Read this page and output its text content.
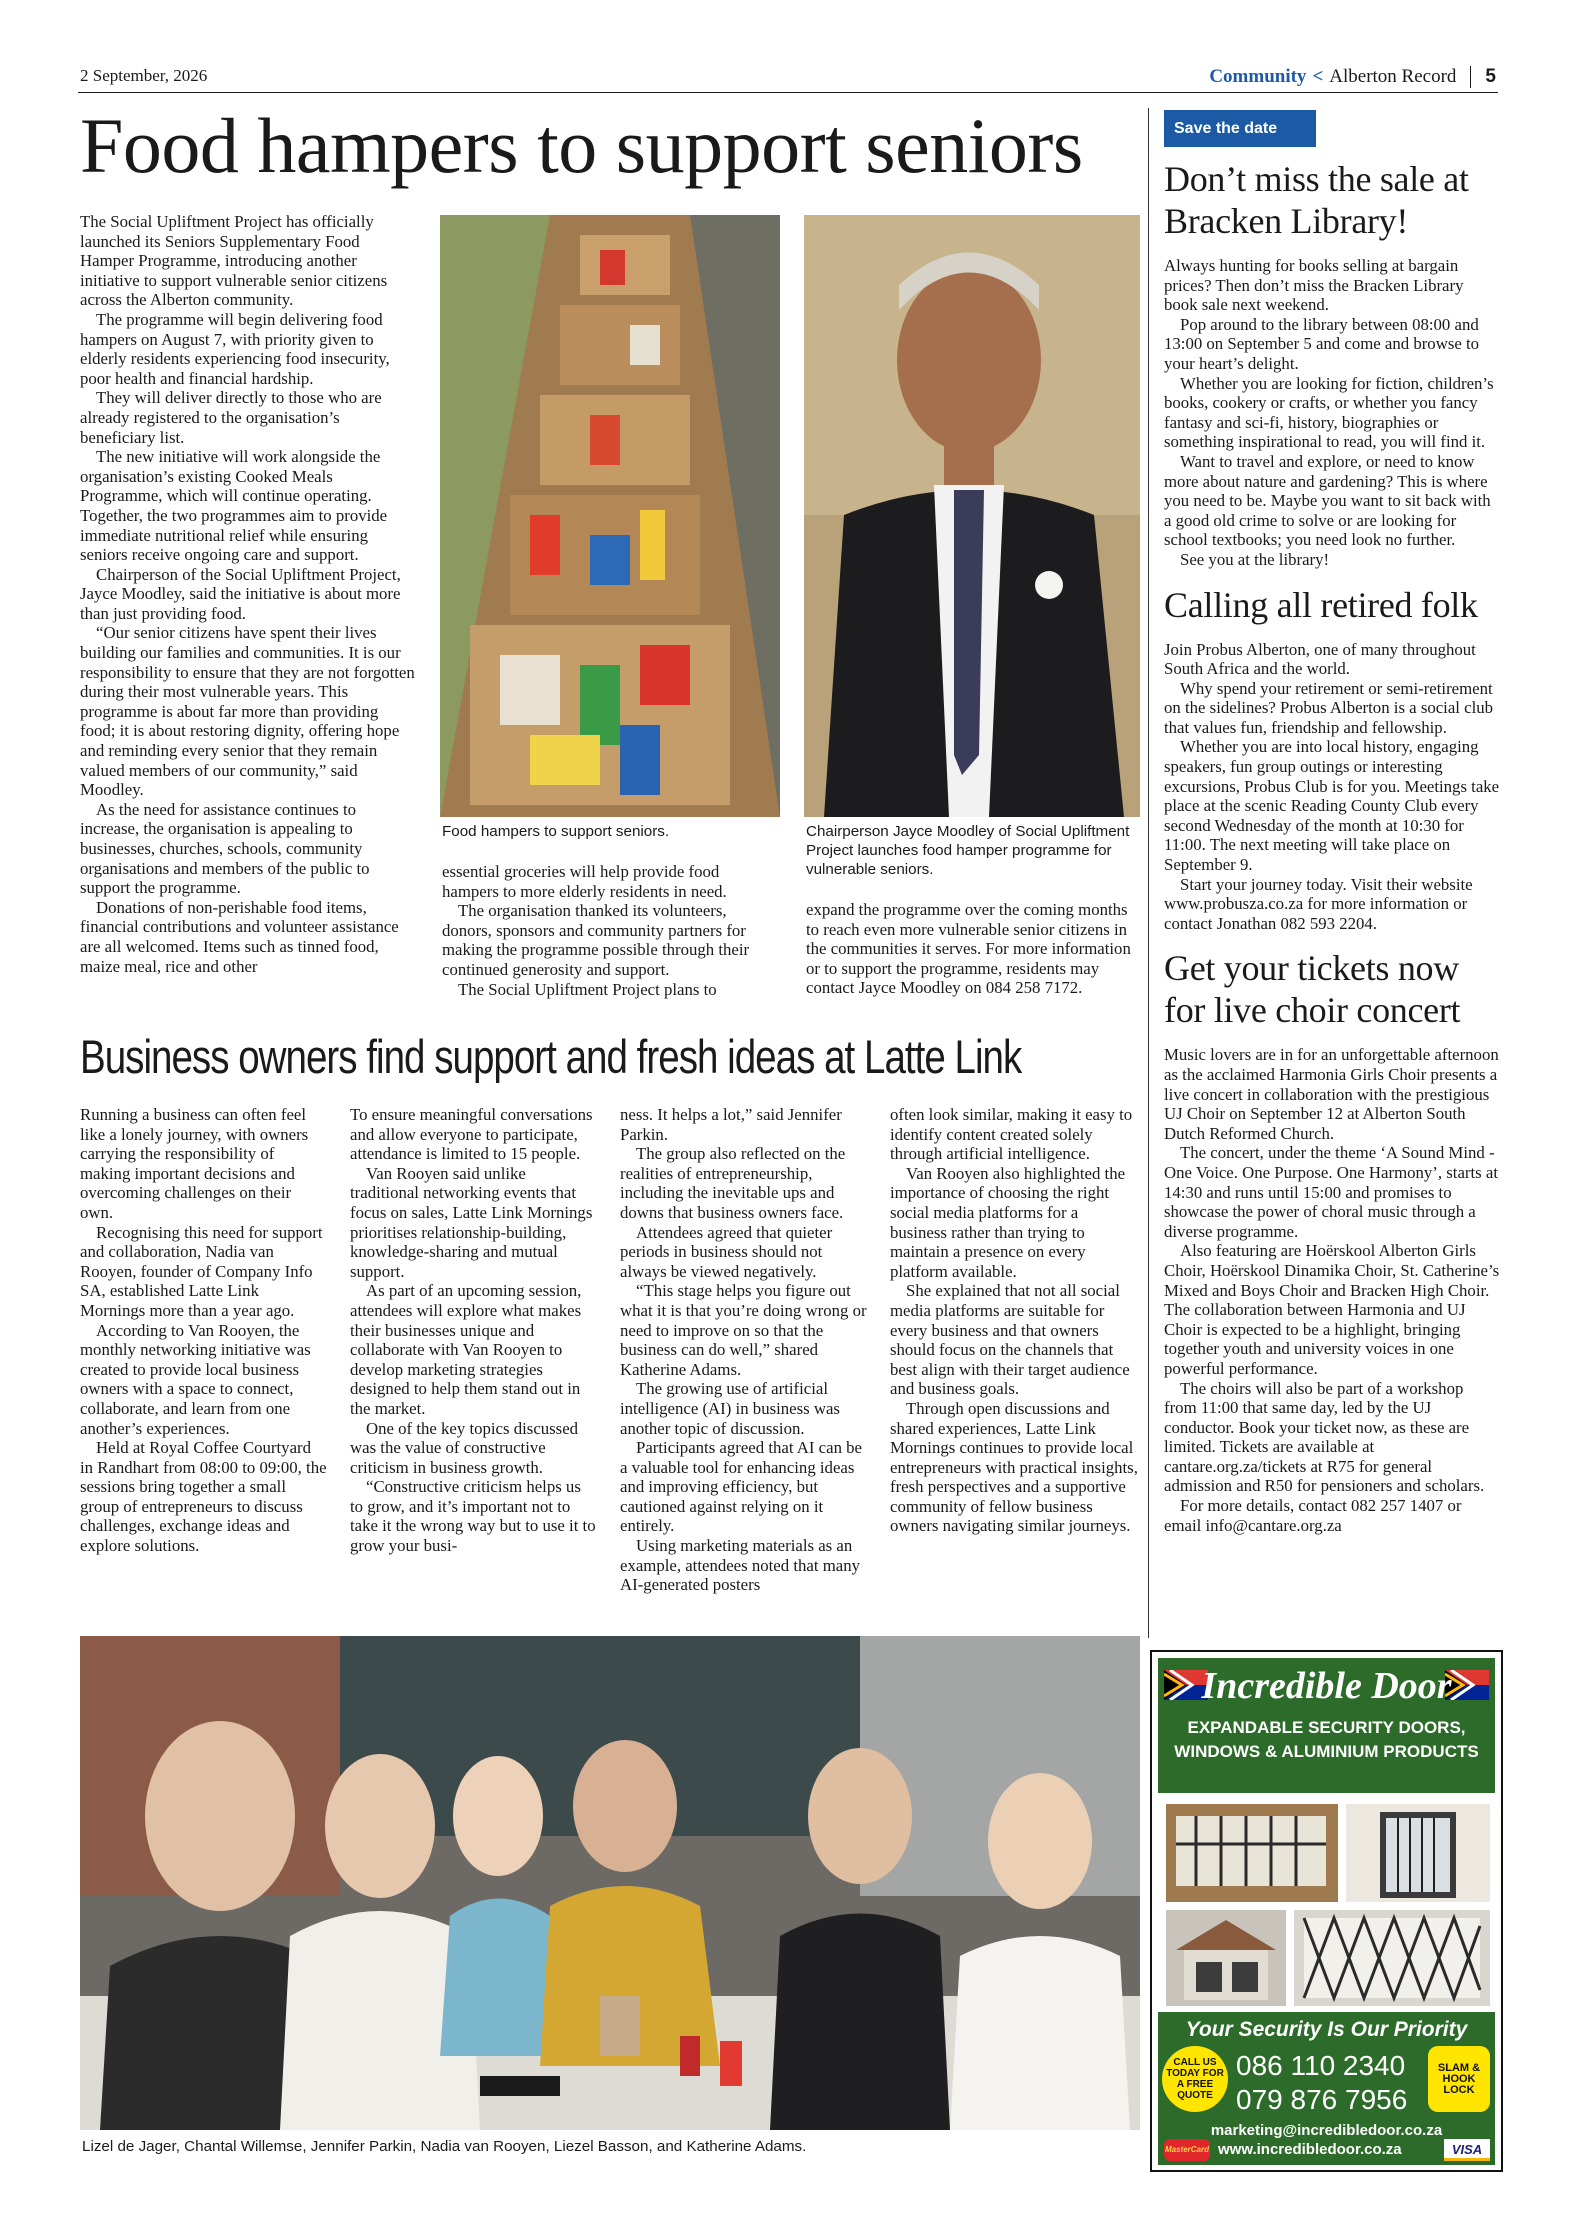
2 September, 2026	Community < Alberton Record 5
Food hampers to support seniors

The Social Upliftment Project has officially launched its Seniors Supplementary Food Hamper Programme, introducing another initiative to support vulnerable senior citizens across the Alberton community.

The programme will begin delivering food hampers on August 7, with priority given to elderly residents experiencing food insecurity, poor health and financial hardship.

They will deliver directly to those who are already registered to the organisation’s beneficiary list.

The new initiative will work alongside the organisation’s existing Cooked Meals Programme, which will continue operating. Together, the two programmes aim to provide immediate nutritional relief while ensuring seniors receive ongoing care and support.

Chairperson of the Social Upliftment Project, Jayce Moodley, said the initiative is about more than just providing food.

“Our senior citizens have spent their lives building our families and communities. It is our responsibility to ensure that they are not forgotten during their most vulnerable years. This programme is about far more than providing food; it is about restoring dignity, offering hope and reminding every senior that they remain valued members of our community,” said Moodley.

As the need for assistance continues to increase, the organisation is appealing to businesses, churches, schools, community organisations and members of the public to support the programme.

Donations of non-perishable food items, financial contributions and volunteer assistance are all welcomed. Items such as tinned food, maize meal, rice and other

Food hampers to support seniors.

essential groceries will help provide food hampers to more elderly residents in need.

The organisation thanked its volunteers, donors, sponsors and community partners for making the programme possible through their continued generosity and support.

The Social Upliftment Project plans to

Chairperson Jayce Moodley of Social Upliftment Project launches food hamper programme for vulnerable seniors.

expand the programme over the coming months to reach even more vulnerable senior citizens in the communities it serves. For more information or to support the programme, residents may contact Jayce Moodley on 084 258 7172.

Business owners find support and fresh ideas at Latte Link

Running a business can often feel like a lonely journey, with owners carrying the responsibility of making important decisions and overcoming challenges on their own.

Recognising this need for support and collaboration, Nadia van Rooyen, founder of Company Info SA, established Latte Link Mornings more than a year ago.

According to Van Rooyen, the monthly networking initiative was created to provide local business owners with a space to connect, collaborate, and learn from one another’s experiences.

Held at Royal Coffee Courtyard in Randhart from 08:00 to 09:00, the sessions bring together a small group of entrepreneurs to discuss challenges, exchange ideas and explore solutions.

To ensure meaningful conversations and allow everyone to participate, attendance is limited to 15 people.

Van Rooyen said unlike traditional networking events that focus on sales, Latte Link Mornings prioritises relationship-building, knowledge-sharing and mutual support.

As part of an upcoming session, attendees will explore what makes their businesses unique and collaborate with Van Rooyen to develop marketing strategies designed to help them stand out in the market.

One of the key topics discussed was the value of constructive criticism in business growth.

“Constructive criticism helps us to grow, and it’s important not to take it the wrong way but to use it to grow your busi-

ness. It helps a lot,” said Jennifer Parkin.

The group also reflected on the realities of entrepreneurship, including the inevitable ups and downs that business owners face.

Attendees agreed that quieter periods in business should not always be viewed negatively.

“This stage helps you figure out what it is that you’re doing wrong or need to improve on so that the business can do well,” shared Katherine Adams.

The growing use of artificial intelligence (AI) in business was another topic of discussion.

Participants agreed that AI can be a valuable tool for enhancing ideas and improving efficiency, but cautioned against relying on it entirely.

Using marketing materials as an example, attendees noted that many AI-generated posters

often look similar, making it easy to identify content created solely through artificial intelligence.

Van Rooyen also highlighted the importance of choosing the right social media platforms for a business rather than trying to maintain a presence on every platform available.

She explained that not all social media platforms are suitable for every business and that owners should focus on the channels that best align with their target audience and business goals.

Through open discussions and shared experiences, Latte Link Mornings continues to provide local entrepreneurs with practical insights, fresh perspectives and a supportive community of fellow business owners navigating similar journeys.

Lizel de Jager, Chantal Willemse, Jennifer Parkin, Nadia van Rooyen, Liezel Basson, and Katherine Adams.
Save the date
Don’t miss the sale at Bracken Library!

Always hunting for books selling at bargain prices? Then don’t miss the Bracken Library book sale next weekend.

Pop around to the library between 08:00 and 13:00 on September 5 and come and browse to your heart’s delight.

Whether you are looking for fiction, children’s books, cookery or crafts, or whether you fancy fantasy and sci-fi, history, biographies or something inspirational to read, you will find it.

Want to travel and explore, or need to know more about nature and gardening? This is where you need to be. Maybe you want to sit back with a good old crime to solve or are looking for school textbooks; you need look no further.

See you at the library!

Calling all retired folk

Join Probus Alberton, one of many throughout South Africa and the world.

Why spend your retirement or semi-retirement on the sidelines? Probus Alberton is a social club that values fun, friendship and fellowship.

Whether you are into local history, engaging speakers, fun group outings or interesting excursions, Probus Club is for you. Meetings take place at the scenic Reading County Club every second Wednesday of the month at 10:30 for 11:00. The next meeting will take place on September 9.

Start your journey today. Visit their website www.probusza.co.za for more information or contact Jonathan 082 593 2204.

Get your tickets now for live choir concert

Music lovers are in for an unforgettable afternoon as the acclaimed Harmonia Girls Choir presents a live concert in collaboration with the prestigious UJ Choir on September 12 at Alberton South Dutch Reformed Church.

The concert, under the theme ‘A Sound Mind - One Voice. One Purpose. One Harmony’, starts at 14:30 and runs until 15:00 and promises to showcase the power of choral music through a diverse programme.

Also featuring are Hoërskool Alberton Girls Choir, Hoërskool Dinamika Choir, St. Catherine’s Mixed and Boys Choir and Bracken High Choir. The collaboration between Harmonia and UJ Choir is expected to be a highlight, bringing together youth and university voices in one powerful performance.

The choirs will also be part of a workshop from 11:00 that same day, led by the UJ conductor. Book your ticket now, as these are limited. Tickets are available at cantare.org.za/tickets at R75 for general admission and R50 for pensioners and scholars.

For more details, contact 082 257 1407 or email info@cantare.org.za

Incredible Door
EXPANDABLE SECURITY DOORS, WINDOWS & ALUMINIUM PRODUCTS
Your Security Is Our Priority
CALL US TODAY FOR A FREE QUOTE
086 110 2340
079 876 7956
SLAM & HOOK LOCK
marketing@incredibledoor.co.za
MasterCard www.incredibledoor.co.za	VISA
